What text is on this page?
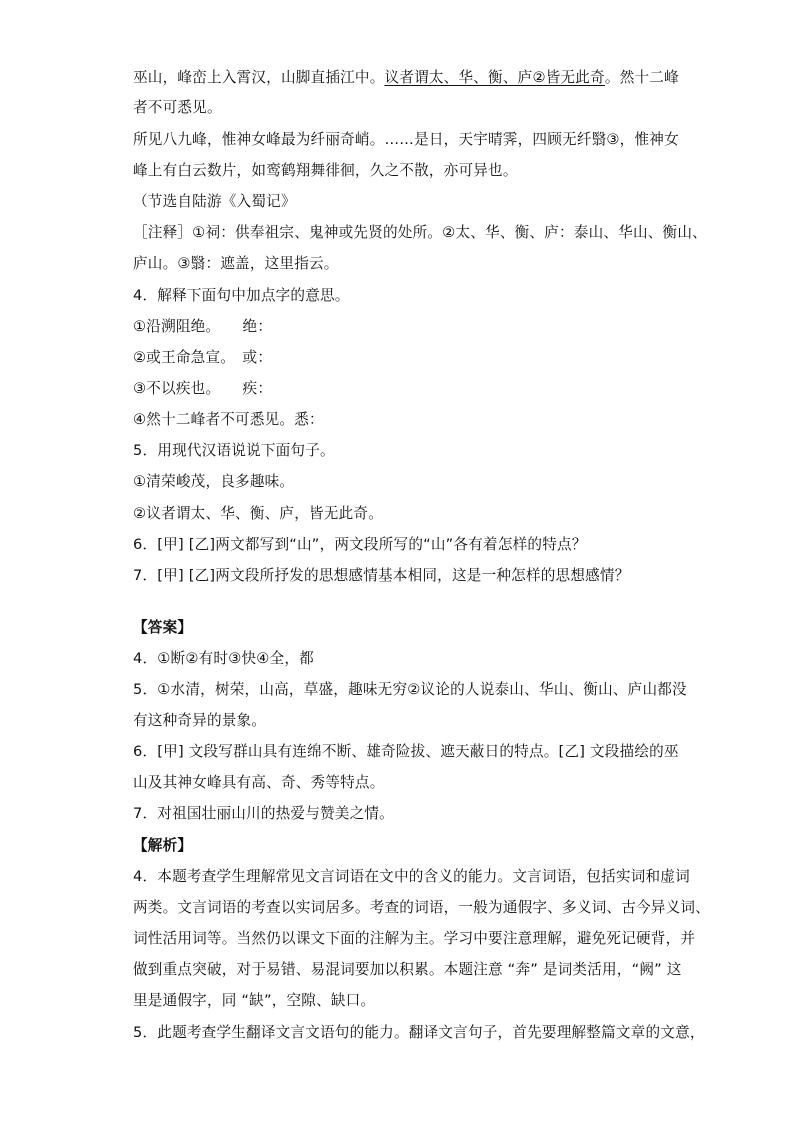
巫山，峰峦上入霄汉，山脚直插江中。议者谓太、华、衡、庐②皆无此奇。然十二峰
者不可悉见。
所见八九峰，惟神女峰最为纤丽奇峭。……是日，天宇晴霁，四顾无纤翳③，惟神女
峰上有白云数片，如鸾鹤翔舞徘徊，久之不散，亦可异也。
（节选自陆游《入蜀记》
［注释］①祠：供奉祖宗、鬼神或先贤的处所。②太、华、衡、庐：泰山、华山、衡山、
庐山。③翳：遮盖，这里指云。
4．解释下面句中加点字的意思。
①沿溯阻绝。　　绝：
②或王命急宣。　或：
③不以疾也。　　疾：
④然十二峰者不可悉见。悉：
5．用现代汉语说说下面句子。
①清荣峻茂，良多趣味。
②议者谓太、华、衡、庐，皆无此奇。
6．[甲] [乙]两文都写到“山”，两文段所写的“山”各有着怎样的特点？
7．[甲] [乙]两文段所抒发的思想感情基本相同，这是一种怎样的思想感情？
【答案】
4．①断②有时③快④全，都
5．①水清，树荣，山高，草盛，趣味无穷②议论的人说泰山、华山、衡山、庐山都没
有这种奇异的景象。
6．[甲] 文段写群山具有连绵不断、雄奇险拔、遮天蔽日的特点。[乙] 文段描绘的巫
山及其神女峰具有高、奇、秀等特点。
7．对祖国壮丽山川的热爱与赞美之情。
【解析】
4．本题考查学生理解常见文言词语在文中的含义的能力。文言词语，包括实词和虚词
两类。文言词语的考查以实词居多。考查的词语，一般为通假字、多义词、古今异义词、
词性活用词等。当然仍以课文下面的注解为主。学习中要注意理解，避免死记硬背，并
做到重点突破，对于易错、易混词要加以积累。本题注意 “奔” 是词类活用，“阙” 这
里是通假字，同 “缺”，空隙、缺口。
5．此题考查学生翻译文言文语句的能力。翻译文言句子，首先要理解整篇文章的文意，
